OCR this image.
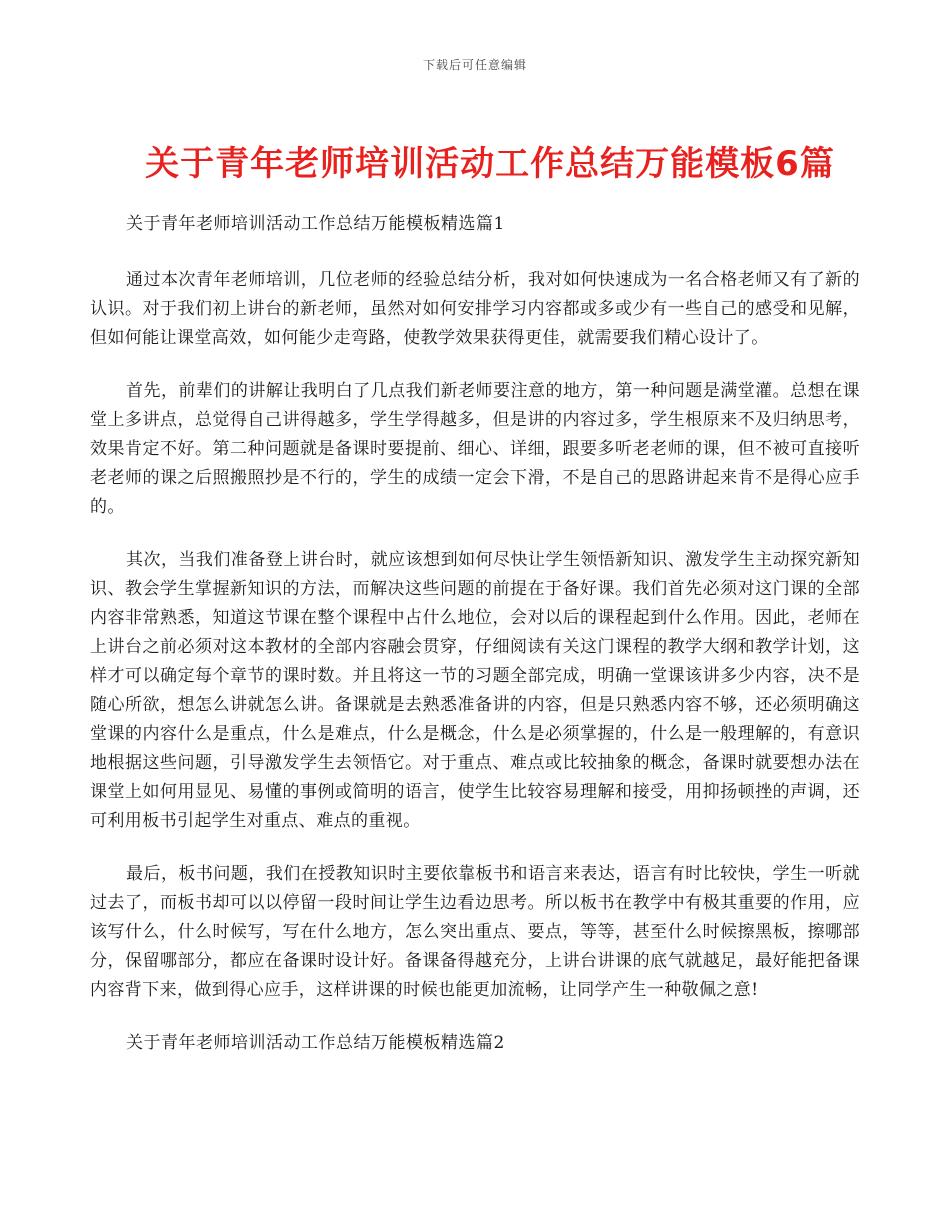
下载后可任意编辑
关于青年老师培训活动工作总结万能模板6篇

关于青年老师培训活动工作总结万能模板精选篇1

通过本次青年老师培训，几位老师的经验总结分析，我对如何快速成为一名合格老师又有了新的认识。对于我们初上讲台的新老师，虽然对如何安排学习内容都或多或少有一些自己的感受和见解，但如何能让课堂高效，如何能少走弯路，使教学效果获得更佳，就需要我们精心设计了。

首先，前辈们的讲解让我明白了几点我们新老师要注意的地方，第一种问题是满堂灌。总想在课堂上多讲点，总觉得自己讲得越多，学生学得越多，但是讲的内容过多，学生根原来不及归纳思考，效果肯定不好。第二种问题就是备课时要提前、细心、详细，跟要多听老老师的课，但不被可直接听老老师的课之后照搬照抄是不行的，学生的成绩一定会下滑，不是自己的思路讲起来肯不是得心应手的。

其次，当我们准备登上讲台时，就应该想到如何尽快让学生领悟新知识、激发学生主动探究新知识、教会学生掌握新知识的方法，而解决这些问题的前提在于备好课。我们首先必须对这门课的全部内容非常熟悉，知道这节课在整个课程中占什么地位，会对以后的课程起到什么作用。因此，老师在上讲台之前必须对这本教材的全部内容融会贯穿，仔细阅读有关这门课程的教学大纲和教学计划，这样才可以确定每个章节的课时数。并且将这一节的习题全部完成，明确一堂课该讲多少内容，决不是随心所欲，想怎么讲就怎么讲。备课就是去熟悉准备讲的内容，但是只熟悉内容不够，还必须明确这堂课的内容什么是重点，什么是难点，什么是概念，什么是必须掌握的，什么是一般理解的，有意识地根据这些问题，引导激发学生去领悟它。对于重点、难点或比较抽象的概念，备课时就要想办法在课堂上如何用显见、易懂的事例或简明的语言，使学生比较容易理解和接受，用抑扬顿挫的声调，还可利用板书引起学生对重点、难点的重视。

最后，板书问题，我们在授教知识时主要依靠板书和语言来表达，语言有时比较快，学生一听就过去了，而板书却可以以停留一段时间让学生边看边思考。所以板书在教学中有极其重要的作用，应该写什么，什么时候写，写在什么地方，怎么突出重点、要点，等等，甚至什么时候擦黑板，擦哪部分，保留哪部分，都应在备课时设计好。备课备得越充分，上讲台讲课的底气就越足，最好能把备课内容背下来，做到得心应手，这样讲课的时候也能更加流畅，让同学产生一种敬佩之意!

关于青年老师培训活动工作总结万能模板精选篇2
